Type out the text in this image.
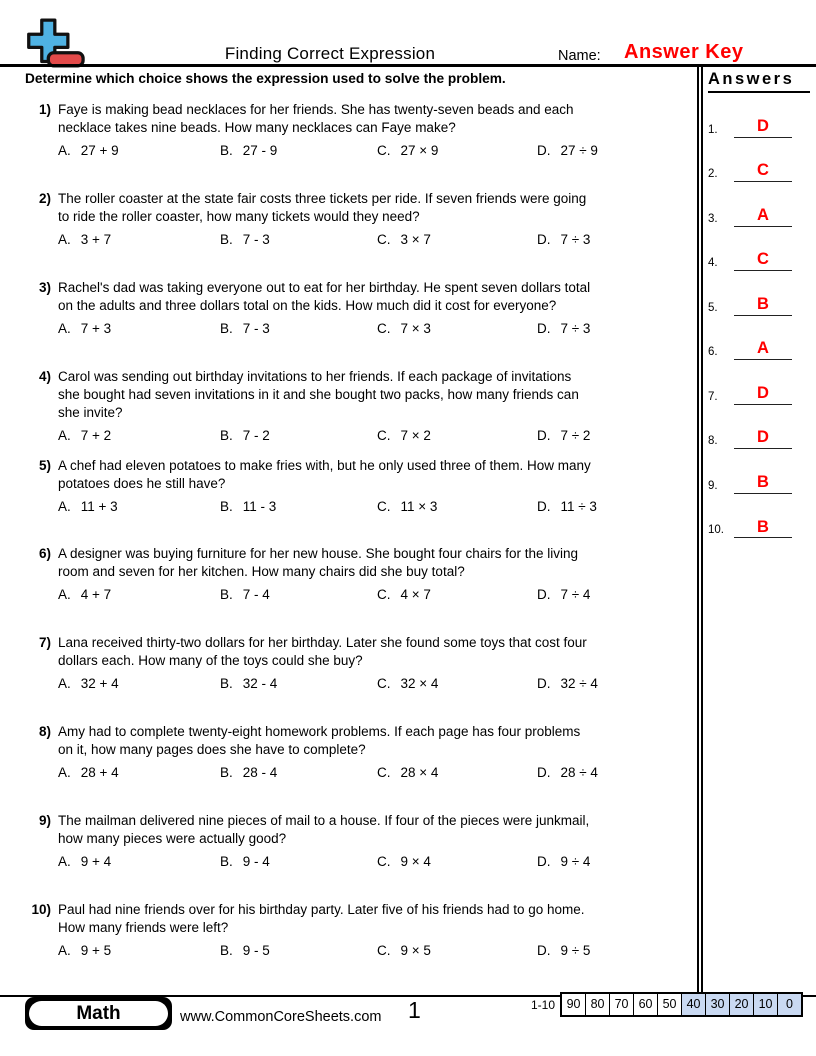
Finding Correct Expression	Name: Answer Key
Determine which choice shows the expression used to solve the problem.	Answers
1.	D
2.	C
3.	A
4.	C
5.	B
6.	A
7.	D
8.	D
9.	B
10.	B
1) Faye is making bead necklaces for her friends. She has twenty-seven beads and each
necklace takes nine beads. How many necklaces can Faye make?
A. 27 + 9	B. 27 - 9	C. 27 × 9	D. 27 ÷ 9
2) The roller coaster at the state fair costs three tickets per ride. If seven friends were going
to ride the roller coaster, how many tickets would they need?
A. 3 + 7	B. 7 - 3	C. 3 × 7	D. 7 ÷ 3
3) Rachel's dad was taking everyone out to eat for her birthday. He spent seven dollars total
on the adults and three dollars total on the kids. How much did it cost for everyone?
A. 7 + 3	B. 7 - 3	C. 7 × 3	D. 7 ÷ 3
4) Carol was sending out birthday invitations to her friends. If each package of invitations
she bought had seven invitations in it and she bought two packs, how many friends can
she invite?
A. 7 + 2	B. 7 - 2	C. 7 × 2	D. 7 ÷ 2
5) A chef had eleven potatoes to make fries with, but he only used three of them. How many
potatoes does he still have?
A. 11 + 3	B. 11 - 3	C. 11 × 3	D. 11 ÷ 3
6) A designer was buying furniture for her new house. She bought four chairs for the living
room and seven for her kitchen. How many chairs did she buy total?
A. 4 + 7	B. 7 - 4	C. 4 × 7	D. 7 ÷ 4
7) Lana received thirty-two dollars for her birthday. Later she found some toys that cost four
dollars each. How many of the toys could she buy?
A. 32 + 4	B. 32 - 4	C. 32 × 4	D. 32 ÷ 4
8) Amy had to complete twenty-eight homework problems. If each page has four problems
on it, how many pages does she have to complete?
A. 28 + 4	B. 28 - 4	C. 28 × 4	D. 28 ÷ 4
9) The mailman delivered nine pieces of mail to a house. If four of the pieces were junkmail,
how many pieces were actually good?
A. 9 + 4	B. 9 - 4	C. 9 × 4	D. 9 ÷ 4
10) Paul had nine friends over for his birthday party. Later five of his friends had to go home.
How many friends were left?
A. 9 + 5	B. 9 - 5	C. 9 × 5	D. 9 ÷ 5
Math	www.CommonCoreSheets.com 1	1-10 90 80 70 60 50 40 30 20 10	0
